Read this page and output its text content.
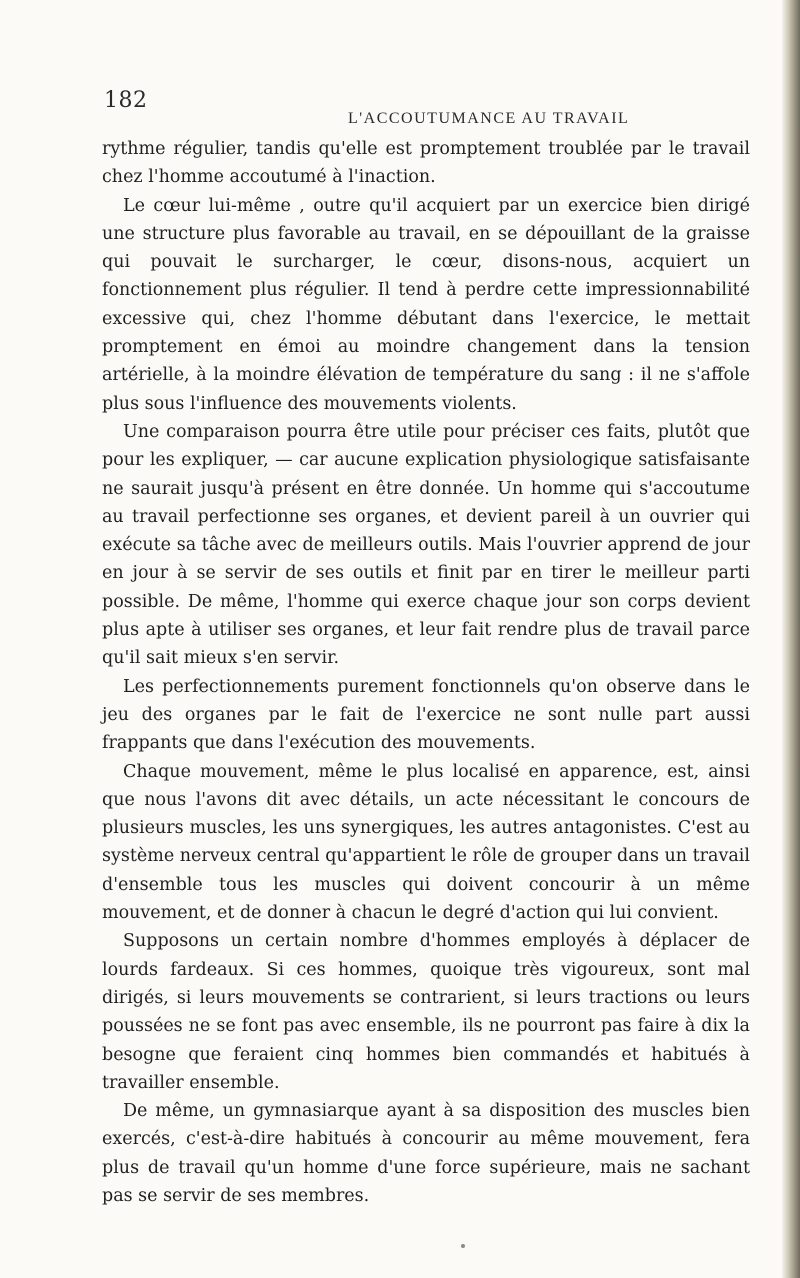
182
L'ACCOUTUMANCE AU TRAVAIL

rythme régulier, tandis qu'elle est promptement troublée par le travail chez l'homme accoutumé à l'inaction.

Le cœur lui-même , outre qu'il acquiert par un exercice bien dirigé une structure plus favorable au travail, en se dépouillant de la graisse qui pouvait le surcharger, le cœur, disons-nous, acquiert un fonctionnement plus régulier. Il tend à perdre cette impressionnabilité excessive qui, chez l'homme débutant dans l'exercice, le mettait promptement en émoi au moindre changement dans la tension artérielle, à la moindre élévation de température du sang : il ne s'affole plus sous l'influence des mouvements violents.

Une comparaison pourra être utile pour préciser ces faits, plutôt que pour les expliquer, — car aucune explication physiologique satisfaisante ne saurait jusqu'à présent en être donnée. Un homme qui s'accoutume au travail perfectionne ses organes, et devient pareil à un ouvrier qui exécute sa tâche avec de meilleurs outils. Mais l'ouvrier apprend de jour en jour à se servir de ses outils et finit par en tirer le meilleur parti possible. De même, l'homme qui exerce chaque jour son corps devient plus apte à utiliser ses organes, et leur fait rendre plus de travail parce qu'il sait mieux s'en servir.

Les perfectionnements purement fonctionnels qu'on observe dans le jeu des organes par le fait de l'exercice ne sont nulle part aussi frappants que dans l'exécution des mouvements.

Chaque mouvement, même le plus localisé en apparence, est, ainsi que nous l'avons dit avec détails, un acte nécessitant le concours de plusieurs muscles, les uns synergiques, les autres antagonistes. C'est au système nerveux central qu'appartient le rôle de grouper dans un travail d'ensemble tous les muscles qui doivent concourir à un même mouvement, et de donner à chacun le degré d'action qui lui convient.

Supposons un certain nombre d'hommes employés à déplacer de lourds fardeaux. Si ces hommes, quoique très vigoureux, sont mal dirigés, si leurs mouvements se contrarient, si leurs tractions ou leurs poussées ne se font pas avec ensemble, ils ne pourront pas faire à dix la besogne que feraient cinq hommes bien commandés et habitués à travailler ensemble.

De même, un gymnasiarque ayant à sa disposition des muscles bien exercés, c'est-à-dire habitués à concourir au même mouvement, fera plus de travail qu'un homme d'une force supérieure, mais ne sachant pas se servir de ses membres.
